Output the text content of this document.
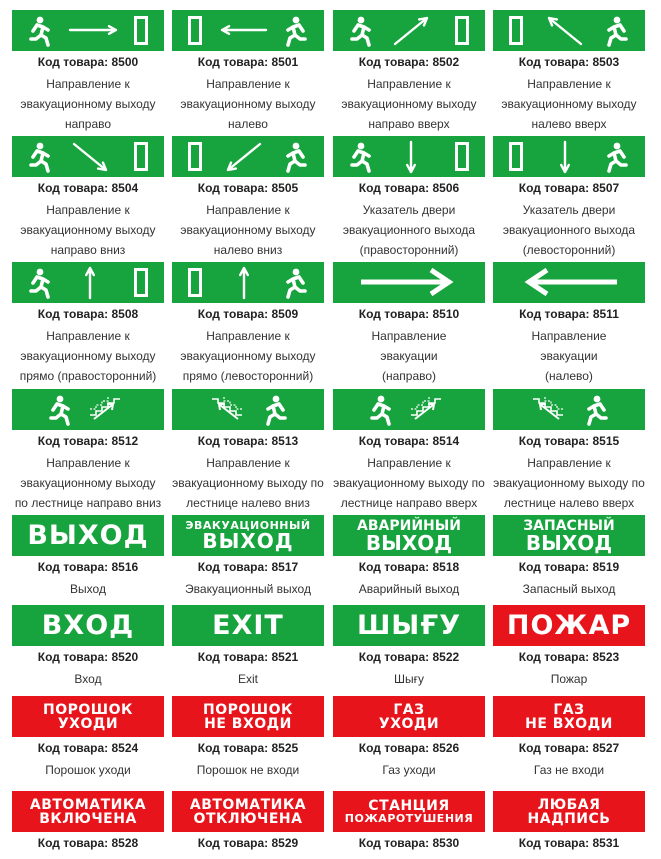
Код товара: 8500
Направление к
эвакуационному выходу
направо
Код товара: 8501
Направление к
эвакуационному выходу
налево
Код товара: 8502
Направление к
эвакуационному выходу
направо вверх
Код товара: 8503
Направление к
эвакуационному выходу
налево вверх
Код товара: 8504
Направление к
эвакуационному выходу
направо вниз
Код товара: 8505
Направление к
эвакуационному выходу
налево вниз
Код товара: 8506
Указатель двери
эвакуационного выхода
(правосторонний)
Код товара: 8507
Указатель двери
эвакуационного выхода
(левосторонний)
Код товара: 8508
Направление к
эвакуационному выходу
прямо (правосторонний)
Код товара: 8509
Направление к
эвакуационному выходу
прямо (левосторонний)
Код товара: 8510
Направление
эвакуации
(направо)
Код товара: 8511
Направление
эвакуации
(налево)
Код товара: 8512
Направление к
эвакуационному выходу
по лестнице направо вниз
Код товара: 8513
Направление к
эвакуационному выходу по
лестнице налево вниз
Код товара: 8514
Направление к
эвакуационному выходу по
лестнице направо вверх
Код товара: 8515
Направление к
эвакуационному выходу по
лестнице налево вверх
ВЫХОД
Код товара: 8516
Выход
ЭВАКУАЦИОННЫЙ
ВЫХОД
Код товара: 8517
Эвакуационный выход
АВАРИЙНЫЙ
ВЫХОД
Код товара: 8518
Аварийный выход
ЗАПАСНЫЙ
ВЫХОД
Код товара: 8519
Запасный выход
ВХОД
Код товара: 8520
Вход
EXIT
Код товара: 8521
Exit
ШЫҒУ
Код товара: 8522
Шығу
ПОЖАР
Код товара: 8523
Пожар
ПОРОШОК
УХОДИ
Код товара: 8524
Порошок уходи
ПОРОШОК
НЕ ВХОДИ
Код товара: 8525
Порошок не входи
ГАЗ
УХОДИ
Код товара: 8526
Газ уходи
ГАЗ
НЕ ВХОДИ
Код товара: 8527
Газ не входи
АВТОМАТИКА
ВКЛЮЧЕНА
Код товара: 8528
АВТОМАТИКА
ОТКЛЮЧЕНА
Код товара: 8529
СТАНЦИЯ
ПОЖАРОТУШЕНИЯ
Код товара: 8530
ЛЮБАЯ
НАДПИСЬ
Код товара: 8531
